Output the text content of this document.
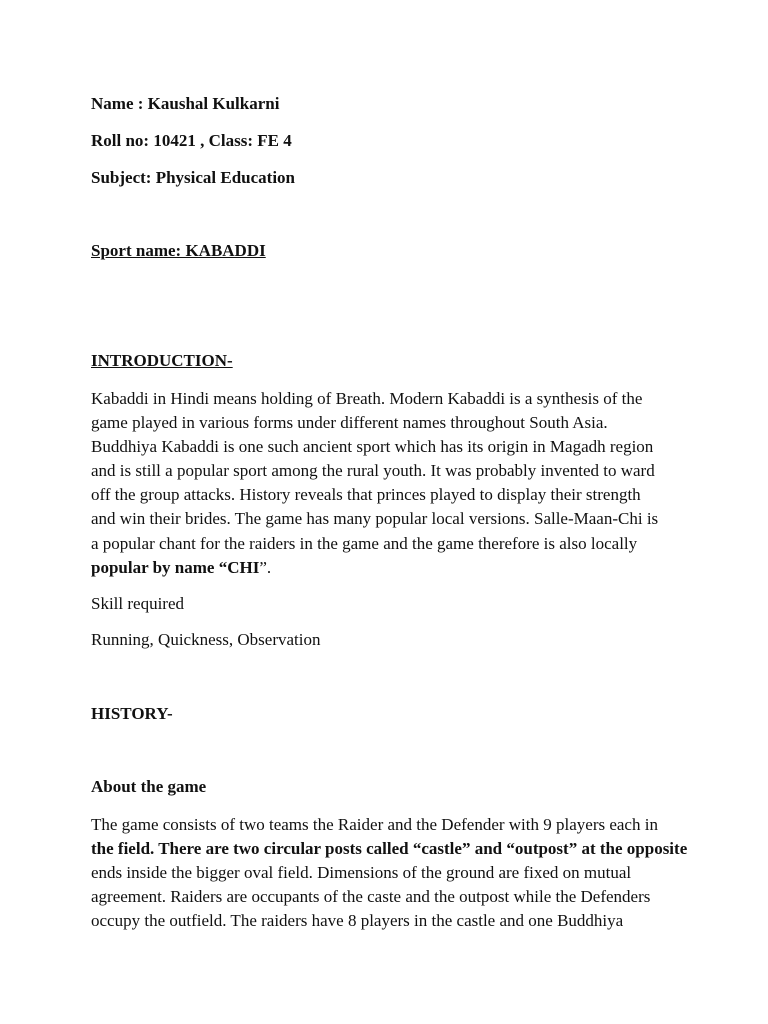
Name : Kaushal Kulkarni
Roll no: 10421 , Class: FE 4
Subject: Physical Education
Sport name: KABADDI
INTRODUCTION-
Kabaddi in Hindi means holding of Breath. Modern Kabaddi is a synthesis of the
game played in various forms under different names throughout South Asia.
Buddhiya Kabaddi is one such ancient sport which has its origin in Magadh region
and is still a popular sport among the rural youth. It was probably invented to ward
off the group attacks. History reveals that princes played to display their strength
and win their brides. The game has many popular local versions. Salle-Maan-Chi is
a popular chant for the raiders in the game and the game therefore is also locally
popular by name “CHI”.
Skill required
Running, Quickness, Observation
HISTORY-
About the game
The game consists of two teams the Raider and the Defender with 9 players each in
the field. There are two circular posts called “castle” and “outpost” at the opposite
ends inside the bigger oval field. Dimensions of the ground are fixed on mutual
agreement. Raiders are occupants of the caste and the outpost while the Defenders
occupy the outfield. The raiders have 8 players in the castle and one Buddhiya
